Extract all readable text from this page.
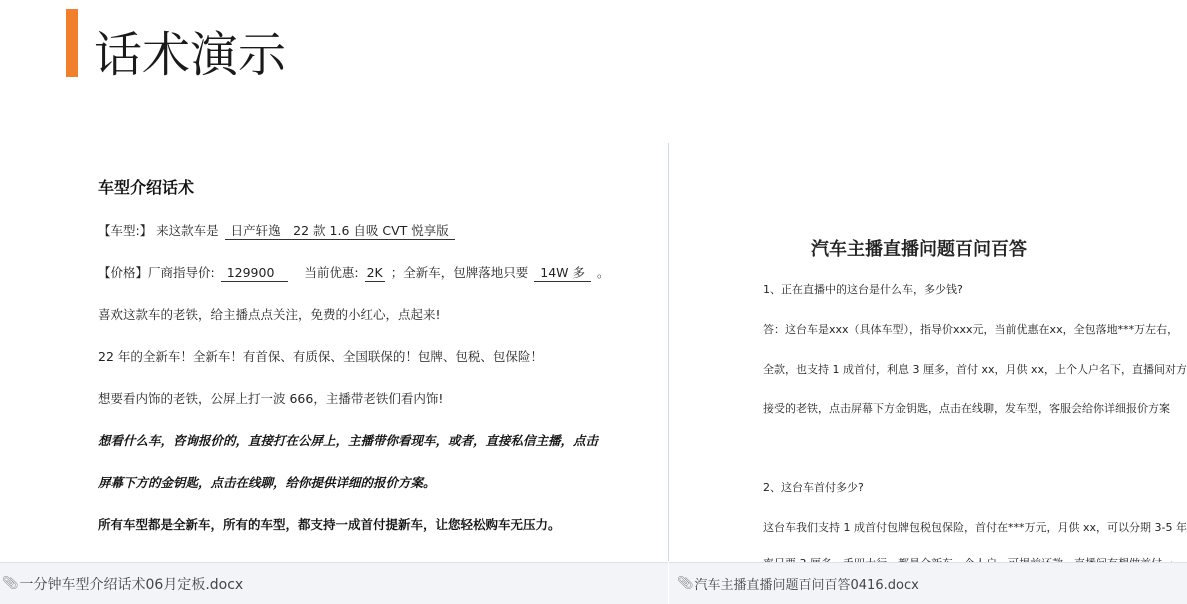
话术演示
车型介绍话术
【车型:】 来这款车是 日产轩逸　22 款 1.6 自吸 CVT 悦享版
【价格】厂商指导价: 129900 当前优惠: 2K ；全新车，包牌落地只要 14W 多 。
喜欢这款车的老铁，给主播点点关注，免费的小红心，点起来!
22 年的全新车！全新车！有首保、有质保、全国联保的！包牌、包税、包保险！
想要看内饰的老铁，公屏上打一波 666，主播带老铁们看内饰!
想看什么车，咨询报价的，直接打在公屏上，主播带你看现车，或者，直接私信主播，点击
屏幕下方的金钥匙，点击在线聊，给你提供详细的报价方案。
所有车型都是全新车，所有的车型，都支持一成首付提新车，让您轻松购车无压力。
汽车主播直播问题百问百答
1、正在直播中的这台是什么车，多少钱?
答：这台车是xxx（具体车型），指导价xxx元，当前优惠在xx，全包落地***万左右，
全款，也支持 1 成首付，利息 3 厘多，首付 xx，月供 xx，上个人户名下，直播间对方
接受的老铁，点击屏幕下方金钥匙，点击在线聊，发车型，客服会给你详细报价方案
2、这台车首付多少?
这台车我们支持 1 成首付包牌包税包保险，首付在***万元，月供 xx，可以分期 3-5 年
📎︎ 一分钟车型介绍话术06月定板.docx	📎︎ 汽车主播直播问题百问百答0416.docx
